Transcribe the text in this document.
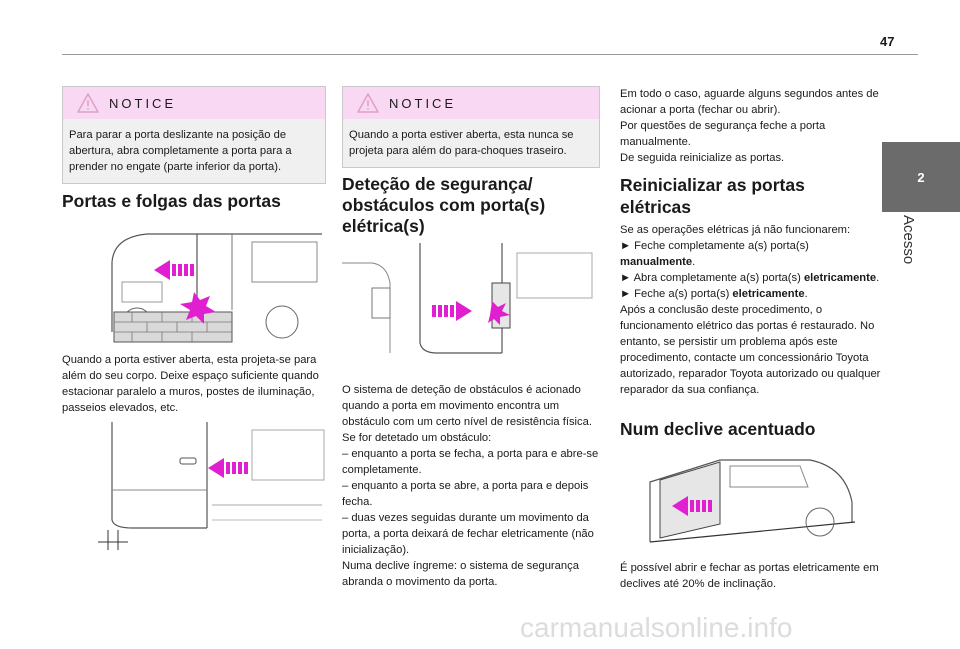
47
2
Acesso
NOTICE
Para parar a porta deslizante na posição de abertura, abra completamente a porta para a prender no engate (parte inferior da porta).
Portas e folgas das portas

Quando a porta estiver aberta, esta projeta-se para além do seu corpo. Deixe espaço suficiente quando estacionar paralelo a muros, postes de iluminação, passeios elevados, etc.

NOTICE
Quando a porta estiver aberta, esta nunca se projeta para além do para-choques traseiro.
Deteção de segurança/ obstáculos com porta(s) elétrica(s)

O sistema de deteção de obstáculos é acionado quando a porta em movimento encontra um obstáculo com um certo nível de resistência física. Se for detetado um obstáculo:

– enquanto a porta se fecha, a porta para e abre-se completamente.

– enquanto a porta se abre, a porta para e depois fecha.

– duas vezes seguidas durante um movimento da porta, a porta deixará de fechar eletricamente (não inicialização).

Numa declive íngreme: o sistema de segurança abranda o movimento da porta.

Em todo o caso, aguarde alguns segundos antes de acionar a porta (fechar ou abrir).

Por questões de segurança feche a porta manualmente.

De seguida reinicialize as portas.

Reinicializar as portas elétricas

Se as operações elétricas já não funcionarem:

► Feche completamente a(s) porta(s) manualmente.

► Abra completamente a(s) porta(s) eletricamente.

► Feche a(s) porta(s) eletricamente.

Após a conclusão deste procedimento, o funcionamento elétrico das portas é restaurado. No entanto, se persistir um problema após este procedimento, contacte um concessionário Toyota autorizado, reparador Toyota autorizado ou qualquer reparador da sua confiança.

Num declive acentuado

É possível abrir e fechar as portas eletricamente em declives até 20% de inclinação.

carmanualsonline.info
